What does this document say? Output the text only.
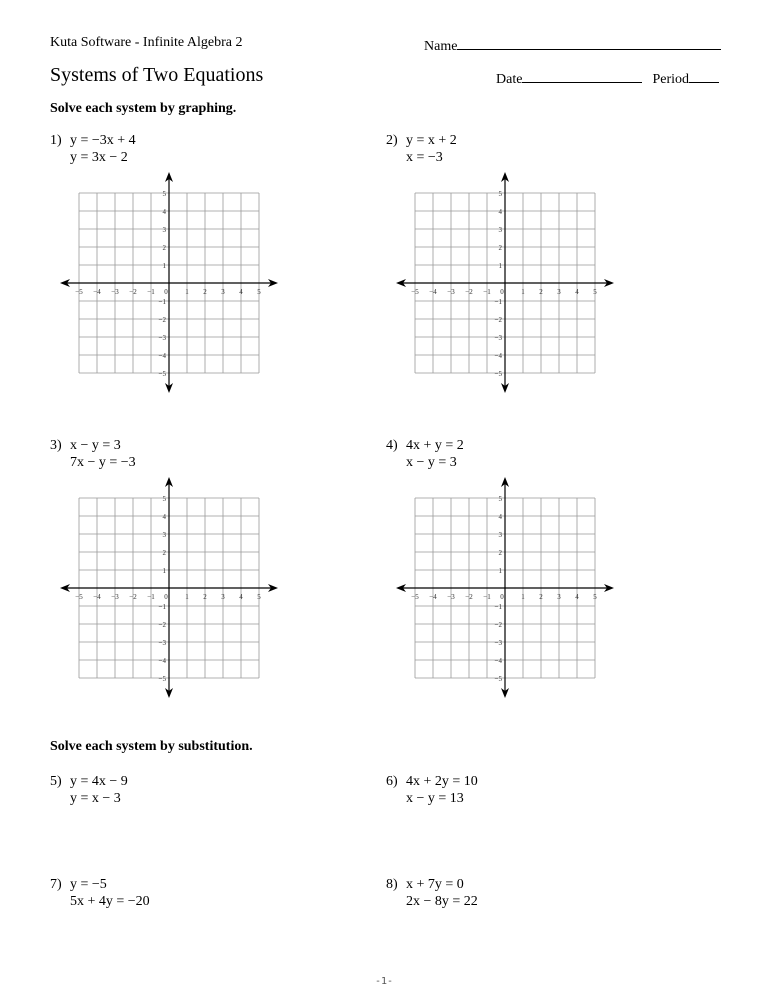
Kuta Software - Infinite Algebra 2	Name
Systems of Two Equations	Date	Period
Solve each system by graphing.
1) y = −3x + 4
y = 3x − 2
2) y = x + 2
x = −3
−5 −4 −3 −2 −1 0	1 2 3 4 5
5
4
3
2
1
−1
−2
−3
−4
−5
−5 −4 −3 −2 −1 0	1 2 3 4 5
5
4
3
2
1
−1
−2
−3
−4
−5
3) x − y = 3
7x − y = −3
4) 4x + y = 2
x − y = 3
−5 −4 −3 −2 −1 0	1 2 3 4 5
5
4
3
2
1
−1
−2
−3
−4
−5
−5 −4 −3 −2 −1 0	1 2 3 4 5
5
4
3
2
1
−1
−2
−3
−4
−5
Solve each system by substitution.
5) y = 4x − 9
y = x − 3
6) 4x + 2y = 10
x − y = 13
7) y = −5
5x + 4y = −20
8) x + 7y = 0
2x − 8y = 22
-1-
